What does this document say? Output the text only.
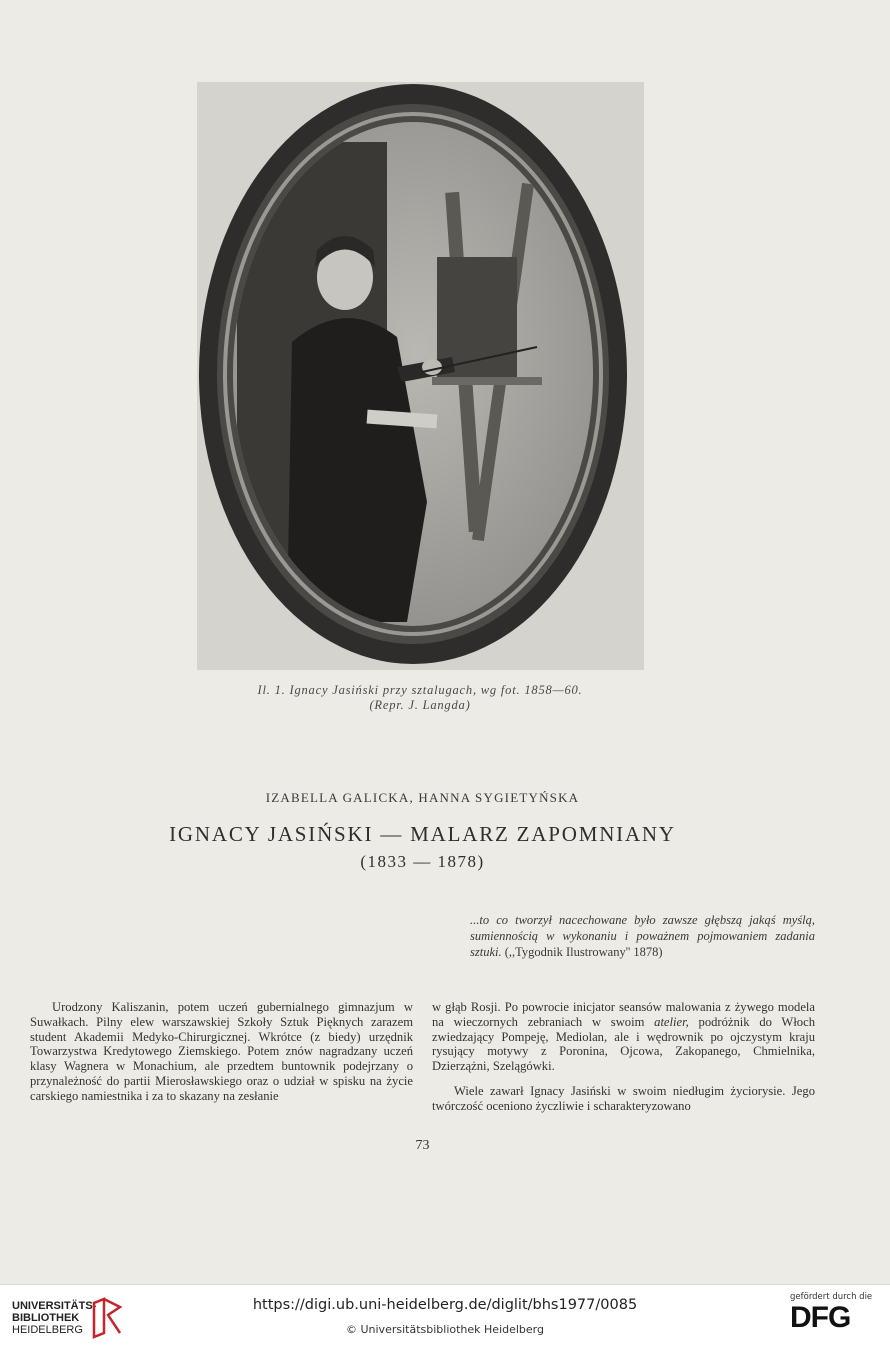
Il. 1. Ignacy Jasiński przy sztalugach, wg fot. 1858—60.
(Repr. J. Langda)
IZABELLA GALICKA, HANNA SYGIETYŃSKA
IGNACY JASIŃSKI — MALARZ ZAPOMNIANY
(1833 — 1878)
...to co tworzył nacechowane było zawsze głębszą jakąś myślą, sumiennością w wykonaniu i poważnem pojmowaniem zadania sztuki. (,,Tygodnik Ilustrowany'' 1878)

Urodzony Kaliszanin, potem uczeń gubernialnego gimnazjum w Suwałkach. Pilny elew warszawskiej Szkoły Sztuk Pięknych zarazem student Akademii Medyko-Chirurgicznej. Wkrótce (z biedy) urzędnik Towarzystwa Kredytowego Ziemskiego. Potem znów nagradzany uczeń klasy Wagnera w Monachium, ale przedtem buntownik podejrzany o przynależność do partii Mierosławskiego oraz o udział w spisku na życie carskiego namiestnika i za to skazany na zesłanie

w głąb Rosji. Po powrocie inicjator seansów malowania z żywego modela na wieczornych zebraniach w swoim atelier, podróżnik do Włoch zwiedzający Pompeję, Mediolan, ale i wędrownik po ojczystym kraju rysujący motywy z Poronina, Ojcowa, Zakopanego, Chmielnika, Dzierzążni, Szelągówki.

Wiele zawarł Ignacy Jasiński w swoim niedługim życiorysie. Jego twórczość oceniono życzliwie i scharakteryzowano

73
UNIVERSITÄTS-
BIBLIOTHEK
HEIDELBERG
https://digi.ub.uni-heidelberg.de/diglit/bhs1977/0085
© Universitätsbibliothek Heidelberg
gefördert durch die
DFG
